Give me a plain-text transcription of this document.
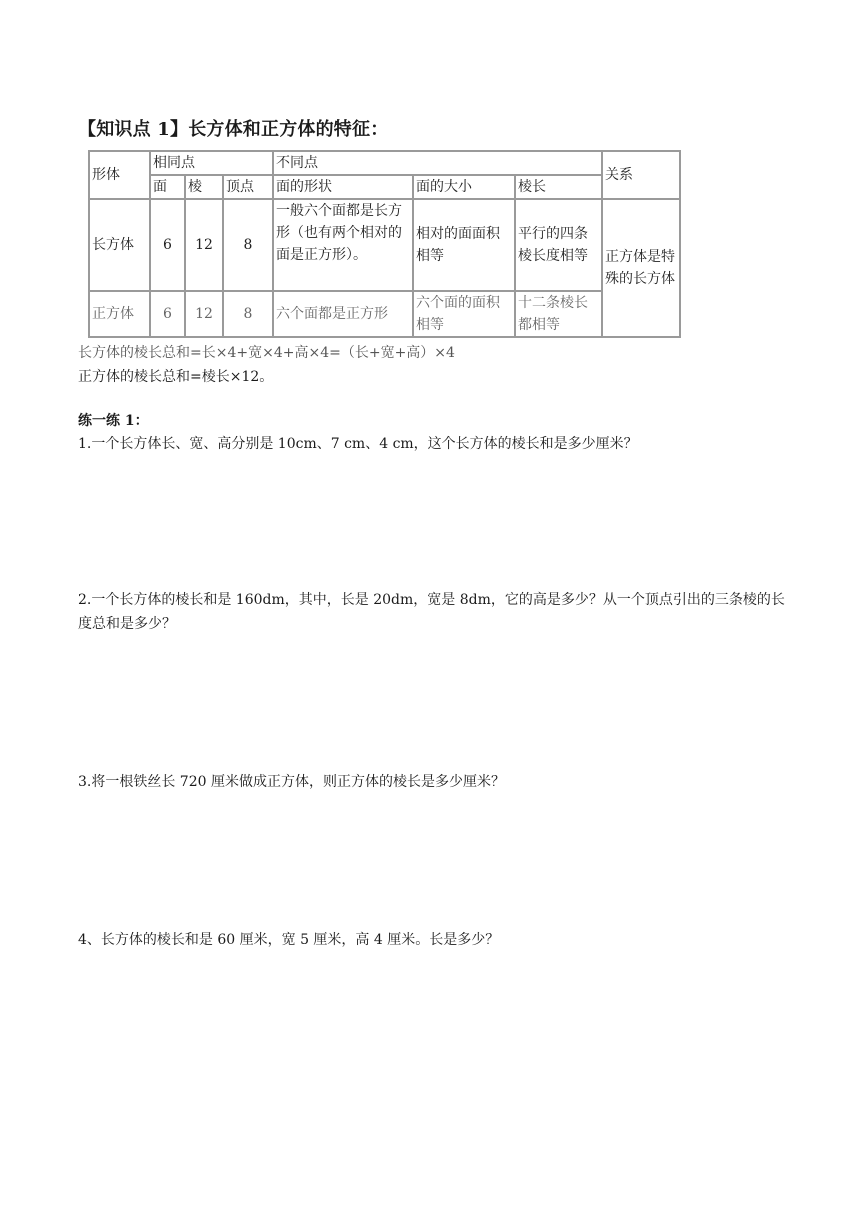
【知识点 1】长方体和正方体的特征：
形体	相同点			不同点			关系
	面	棱	顶点	面的形状	面的大小	棱长	
长方体	6	12	8	一般六个面都是长方形（也有两个相对的面是正方形）。	相对的面面积相等	平行的四条棱长度相等	正方体是特殊的长方体
正方体	6	12	8	六个面都是正方形	六个面的面积相等	十二条棱长都相等	
长方体的棱长总和=长×4+宽×4+高×4=（长+宽+高）×4
正方体的棱长总和=棱长×12。
练一练 1：
1.一个长方体长、宽、高分别是 10cm、7 cm、4 cm，这个长方体的棱长和是多少厘米？
2.一个长方体的棱长和是 160dm，其中，长是 20dm，宽是 8dm，它的高是多少？从一个顶点引出的三条棱的长度总和是多少？
3.将一根铁丝长 720 厘米做成正方体，则正方体的棱长是多少厘米？
4、长方体的棱长和是 60 厘米，宽 5 厘米，高 4 厘米。长是多少？
